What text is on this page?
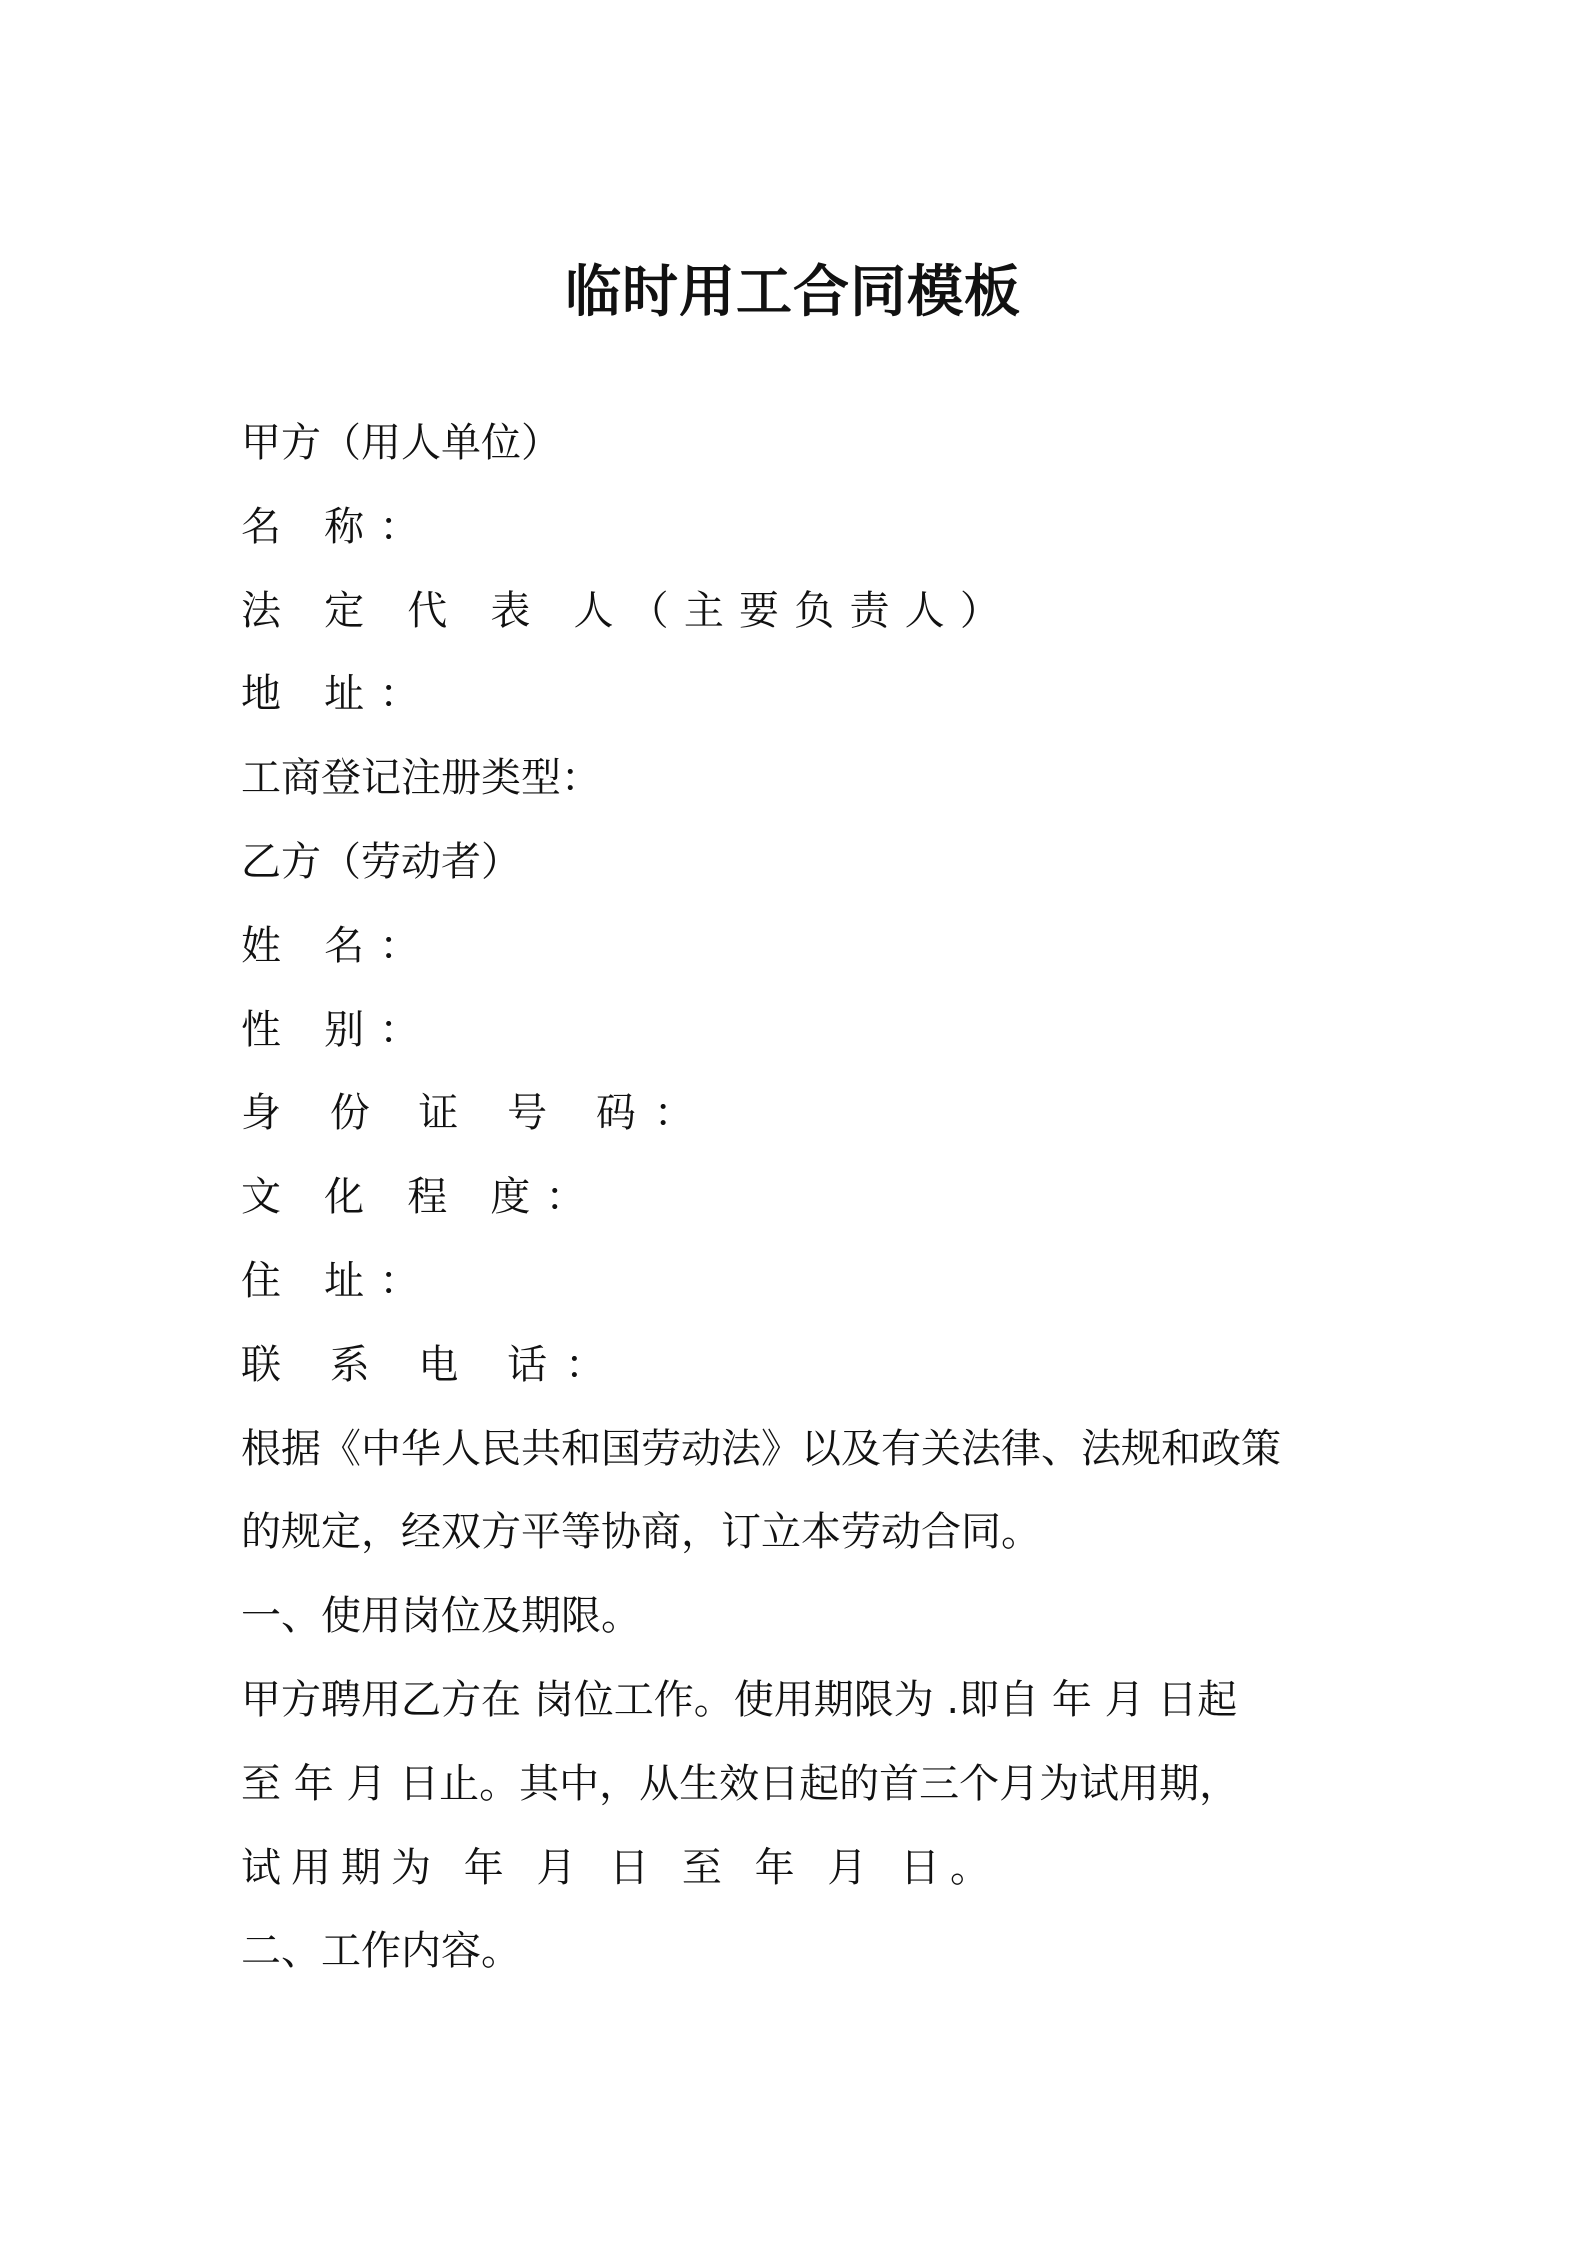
临时用工合同模板

甲方（用人单位）

名 称：

法 定 代 表 人（主要负责人）

地 址：

工商登记注册类型：

乙方（劳动者）

姓 名：

性 别：

身 份 证 号 码：

文 化 程 度：

住 址：

联 系 电 话：

根据《中华人民共和国劳动法》以及有关法律、法规和政策

的规定，经双方平等协商，订立本劳动合同。

一、使用岗位及期限。

甲方聘用乙方在 岗位工作。使用期限为 .即自 年 月 日起

至 年 月 日止。其中，从生效日起的首三个月为试用期，

试用期为 年 月 日 至 年 月 日。

二、工作内容。
